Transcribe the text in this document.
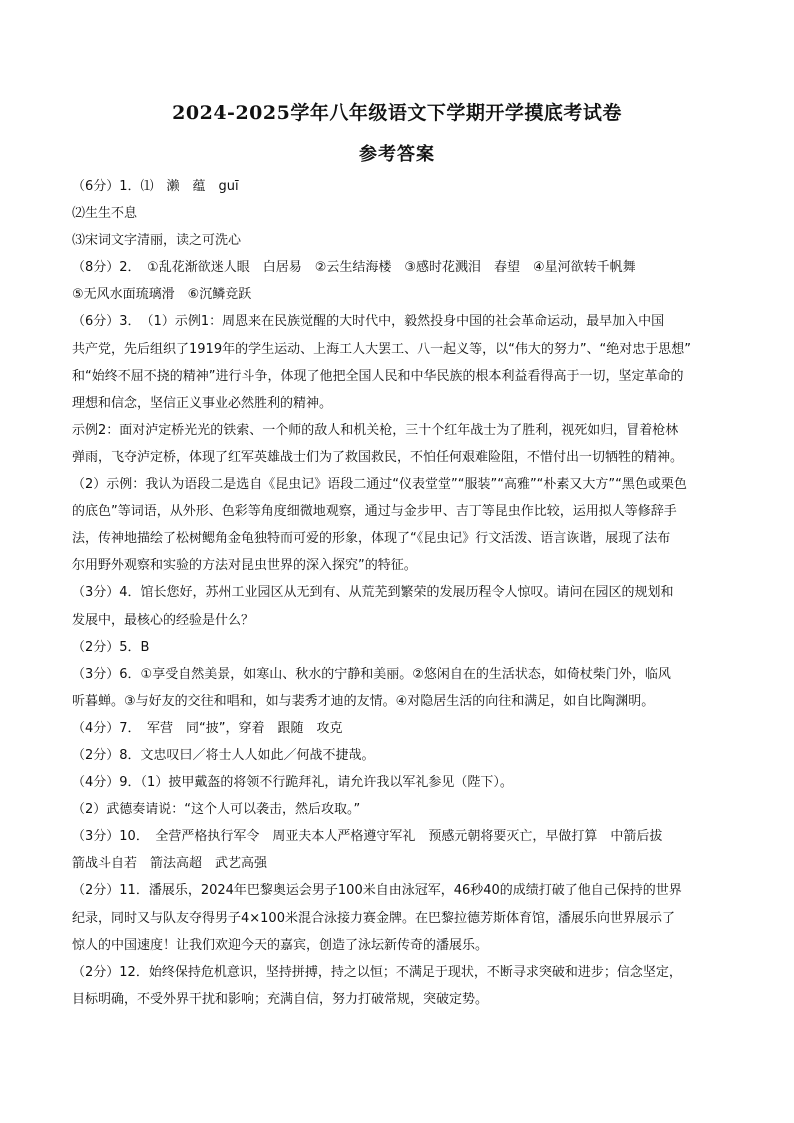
2024-2025学年八年级语文下学期开学摸底考试卷
参考答案
（6分）1．⑴　濑　蕴　guī
⑵生生不息
⑶宋词文字清丽，读之可洗心
（8分）2．　①乱花渐欲迷人眼　白居易　②云生结海楼　③感时花溅泪　春望　④星河欲转千帆舞
⑤无风水面琉璃滑　⑥沉鳞竞跃
（6分）3．　（1）示例1：周恩来在民族觉醒的大时代中，毅然投身中国的社会革命运动，最早加入中国
共产党，先后组织了1919年的学生运动、上海工人大罢工、八一起义等，以“伟大的努力”、“绝对忠于思想”
和“始终不屈不挠的精神”进行斗争，体现了他把全国人民和中华民族的根本利益看得高于一切，坚定革命的
理想和信念，坚信正义事业必然胜利的精神。
示例2：面对泸定桥光光的铁索、一个师的敌人和机关枪，三十个红年战士为了胜利，视死如归，冒着枪林
弹雨，飞夺泸定桥，体现了红军英雄战士们为了救国救民，不怕任何艰难险阻，不惜付出一切牺牲的精神。
（2）示例：我认为语段二是选自《昆虫记》语段二通过“仪表堂堂”“服装”“高雅”“朴素又大方”“黑色或栗色
的底色”等词语，从外形、色彩等角度细微地观察，通过与金步甲、吉丁等昆虫作比较，运用拟人等修辞手
法，传神地描绘了松树鳃角金龟独特而可爱的形象，体现了“《昆虫记》行文活泼、语言诙谐，展现了法布
尔用野外观察和实验的方法对昆虫世界的深入探究”的特征。
（3分）4．馆长您好，苏州工业园区从无到有、从荒芜到繁荣的发展历程令人惊叹。请问在园区的规划和
发展中，最核心的经验是什么？
（2分）5．B
（3分）6．①享受自然美景，如寒山、秋水的宁静和美丽。②悠闲自在的生活状态，如倚杖柴门外，临风
听暮蝉。③与好友的交往和唱和，如与裴秀才迪的友情。④对隐居生活的向往和满足，如自比陶渊明。
（4分）7．　军营　同“披”，穿着　跟随　攻克
（2分）8．文忠叹曰／将士人人如此／何战不捷哉。
（4分）9．（1）披甲戴盔的将领不行跪拜礼，请允许我以军礼参见（陛下）。
（2）武德奏请说：“这个人可以袭击，然后攻取。”
（3分）10．　全营严格执行军令　周亚夫本人严格遵守军礼　预感元朝将要灭亡，早做打算　中箭后拔
箭战斗自若　箭法高超　武艺高强
（2分）11．潘展乐，2024年巴黎奥运会男子100米自由泳冠军，46秒40的成绩打破了他自己保持的世界
纪录，同时又与队友夺得男子4×100米混合泳接力赛金牌。在巴黎拉德芳斯体育馆，潘展乐向世界展示了
惊人的中国速度！让我们欢迎今天的嘉宾，创造了泳坛新传奇的潘展乐。
（2分）12．始终保持危机意识，坚持拼搏，持之以恒；不满足于现状，不断寻求突破和进步；信念坚定，
目标明确，不受外界干扰和影响；充满自信，努力打破常规，突破定势。
